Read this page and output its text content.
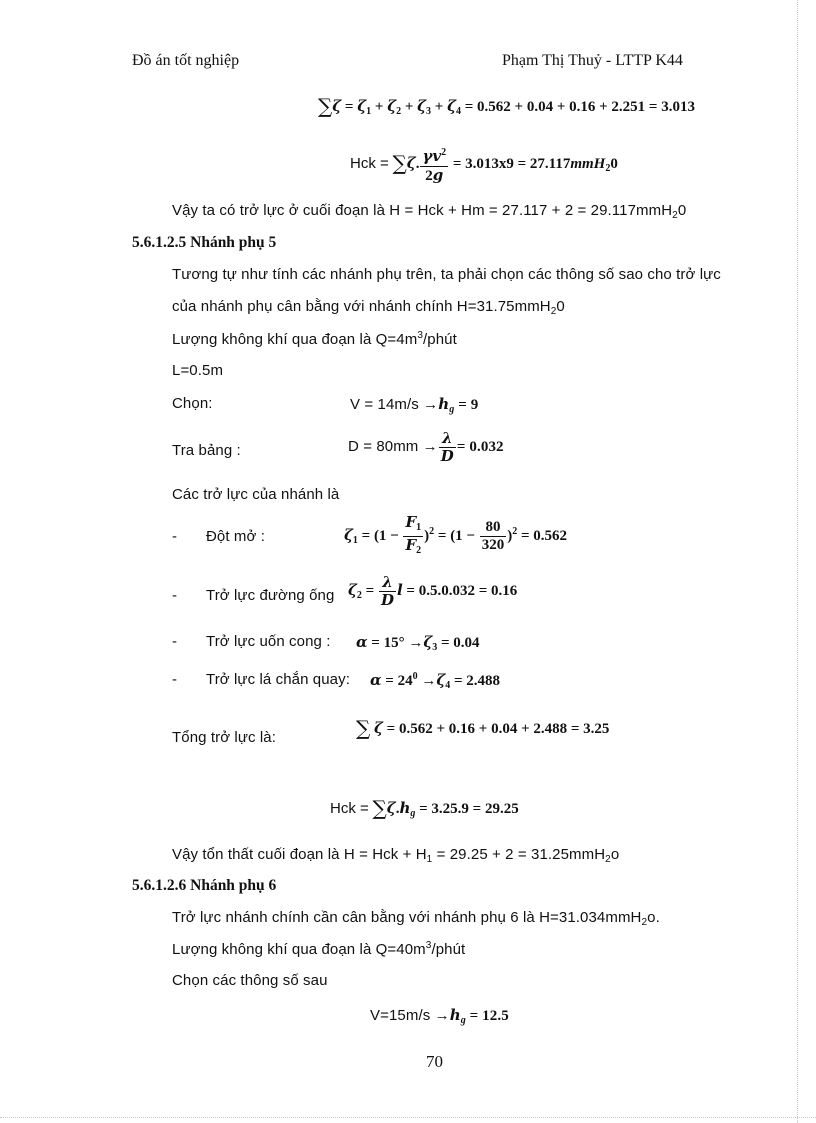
Đồ án tốt nghiệp	Phạm Thị Thuỷ - LTTP K44
$\sum\zeta = \zeta_1 + \zeta_2 + \zeta_3 + \zeta_4 = 0.562 + 0.04 + 0.16 + 2.251 = 3.013$
Hck = ∑ζ. $\frac{\gamma v^2}{2g} = 3.013x9 = 27.117mmH_20$
Vậy ta có trở lực ở cuối đoạn là H = Hck + Hm = 27.117 + 2 = 29.117mmH$_2$0
5.6.1.2.5 Nhánh phụ 5
Tương tự như tính các nhánh phụ trên, ta phải chọn các thông số sao cho trở lực
của nhánh phụ cân bằng với nhánh chính H=31.75mmH$_2$0
Lượng không khí qua đoạn là $Q=4m^3$/phút
L=0.5m
Chọn:	$V = 14m/s \to h_g = 9$
Tra bảng :	$D = 80mm \to \frac{\lambda}{D} = 0.032$
Các trở lực của nhánh là
- Đột mở :	$\zeta_1 = (1 - \frac{F_1}{F_2} )^2 = (1 - \frac{80}{320} )^2 = 0.562$
- Trở lực đường ống $\zeta_2 = \frac{\lambda}{D}$ l = 0.5.0.032 = 0.16
- Trở lực uốn cong : $\alpha = 15^\circ \to\zeta_3 = 0.04$
- Trở lực lá chắn quay: $\alpha = 24^0 \to\zeta_4 = 2.488$
Tổng trở lực là:	∑ ζ = 0.562 + 0.16 + 0.04 + 2.488 = 3.25
Hck = $\sum\zeta.h_g = 3.25.9 = 29.25$
Vậy tổn thất cuối đoạn là H = Hck + $H_1 = 29.25 + 2 = 31.25mmH_2o$
5.6.1.2.6 Nhánh phụ 6
Trở lực nhánh chính cần cân bằng với nhánh phụ 6 là H=31.034mmH$_2$o.
Lượng không khí qua đoạn là $Q=40m^3$/phút
Chọn các thông số sau
$V=15m/s \to h_g = 12.5$
70
